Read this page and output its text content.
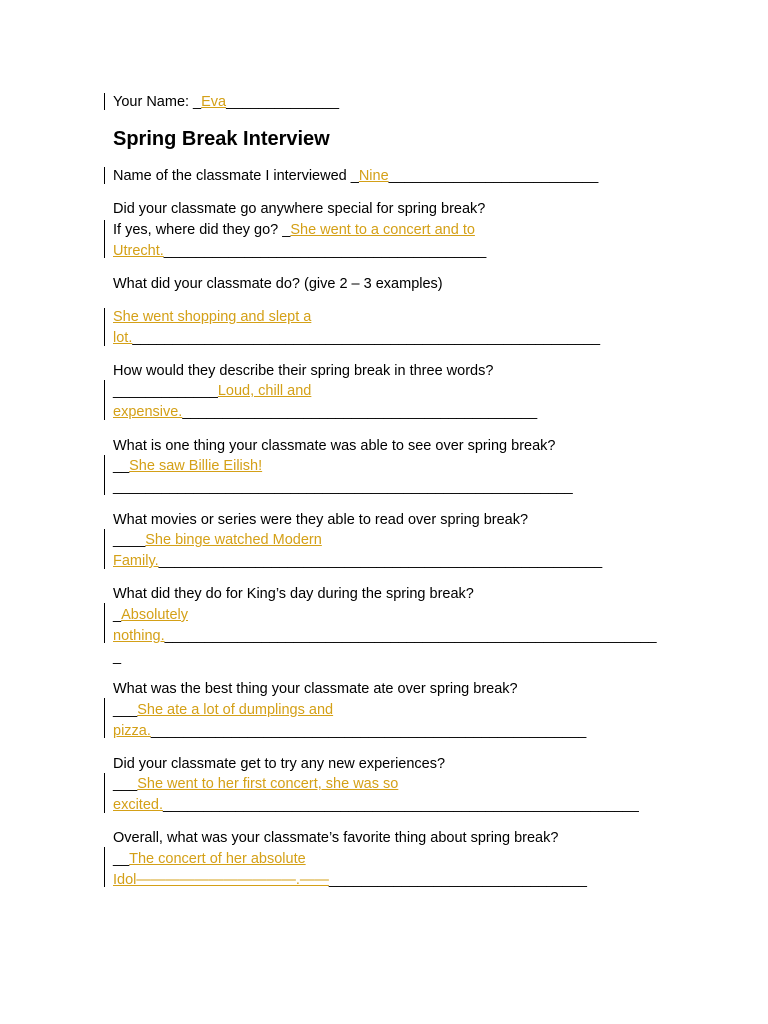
Your Name: _Eva______________
Spring Break Interview
Name of the classmate I interviewed _Nine__________________________
Did your classmate go anywhere special for spring break?
If yes, where did they go? _She went to a concert and to
Utrecht.________________________________________
What did your classmate do? (give 2 – 3 examples)
She went shopping and slept a
lot.__________________________________________________________
How would they describe their spring break in three words?
_____________Loud, chill and
expensive.____________________________________________
What is one thing your classmate was able to see over spring break?
__She saw Billie Eilish!
_________________________________________________________
What movies or series were they able to read over spring break?
____She binge watched Modern
Family._______________________________________________________
What did they do for King’s day during the spring break?
_Absolutely
nothing._____________________________________________________________
_
What was the best thing your classmate ate over spring break?
___She ate a lot of dumplings and
pizza.______________________________________________________
Did your classmate get to try any new experiences?
___She went to her first concert, she was so
excited.___________________________________________________________
Overall, what was your classmate’s favorite thing about spring break?
__The concert of her absolute
Idol———————————.——________________________________
